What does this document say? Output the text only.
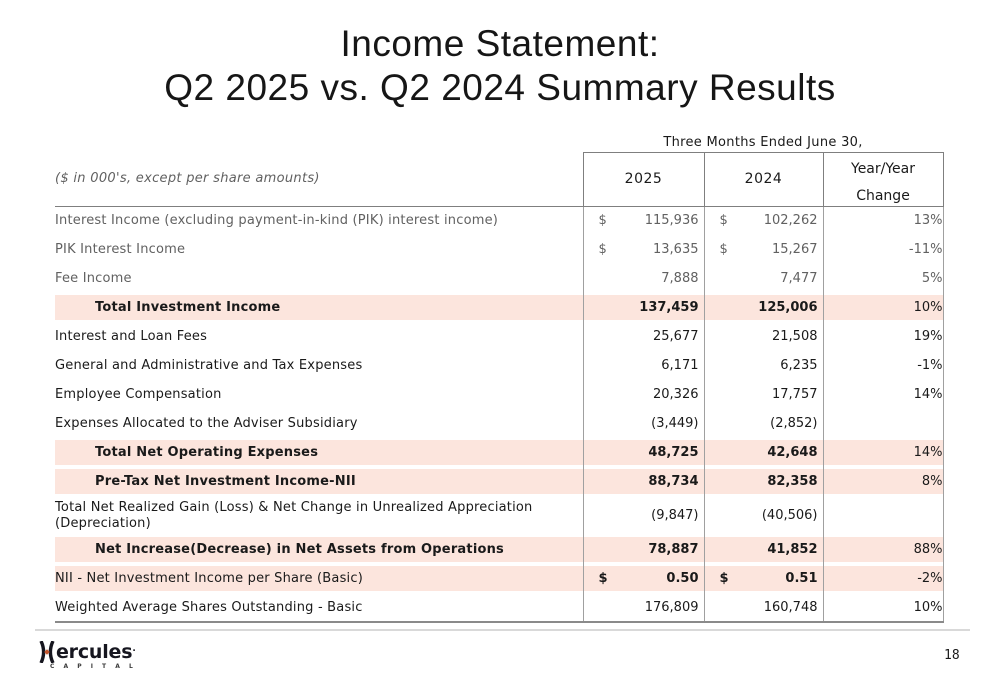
Income Statement:
Q2 2025 vs. Q2 2024 Summary Results
	Three Months Ended June 30,		
($ in 000's, except per share amounts)	2025	2024	Year/Year
Change

Interest Income (excluding payment-in-kind (PIK) interest income)	$ 115,936	$ 102,262	13%
PIK Interest Income	$ 13,635	$ 15,267	-11%
Fee Income	7,888	7,477	5%
Total Investment Income	137,459	125,006	10%
Interest and Loan Fees	25,677	21,508	19%
General and Administrative and Tax Expenses	6,171	6,235	-1%
Employee Compensation	20,326	17,757	14%
Expenses Allocated to the Adviser Subsidiary	(3,449)	(2,852)	

Total Net Operating Expenses	48,725	42,648	14%
Pre-Tax Net Investment Income-NII	88,734	82,358	8%
Total Net Realized Gain (Loss) & Net Change in Unrealized Appreciation (Depreciation)	(9,847)	(40,506)	

Net Increase(Decrease) in Net Assets from Operations	78,887	41,852	88%
NII - Net Investment Income per Share (Basic)	$ 0.50	$ 0.51	-2%
Weighted Average Shares Outstanding - Basic	176,809	160,748	10%
ercules .
C A P I T A L
18
